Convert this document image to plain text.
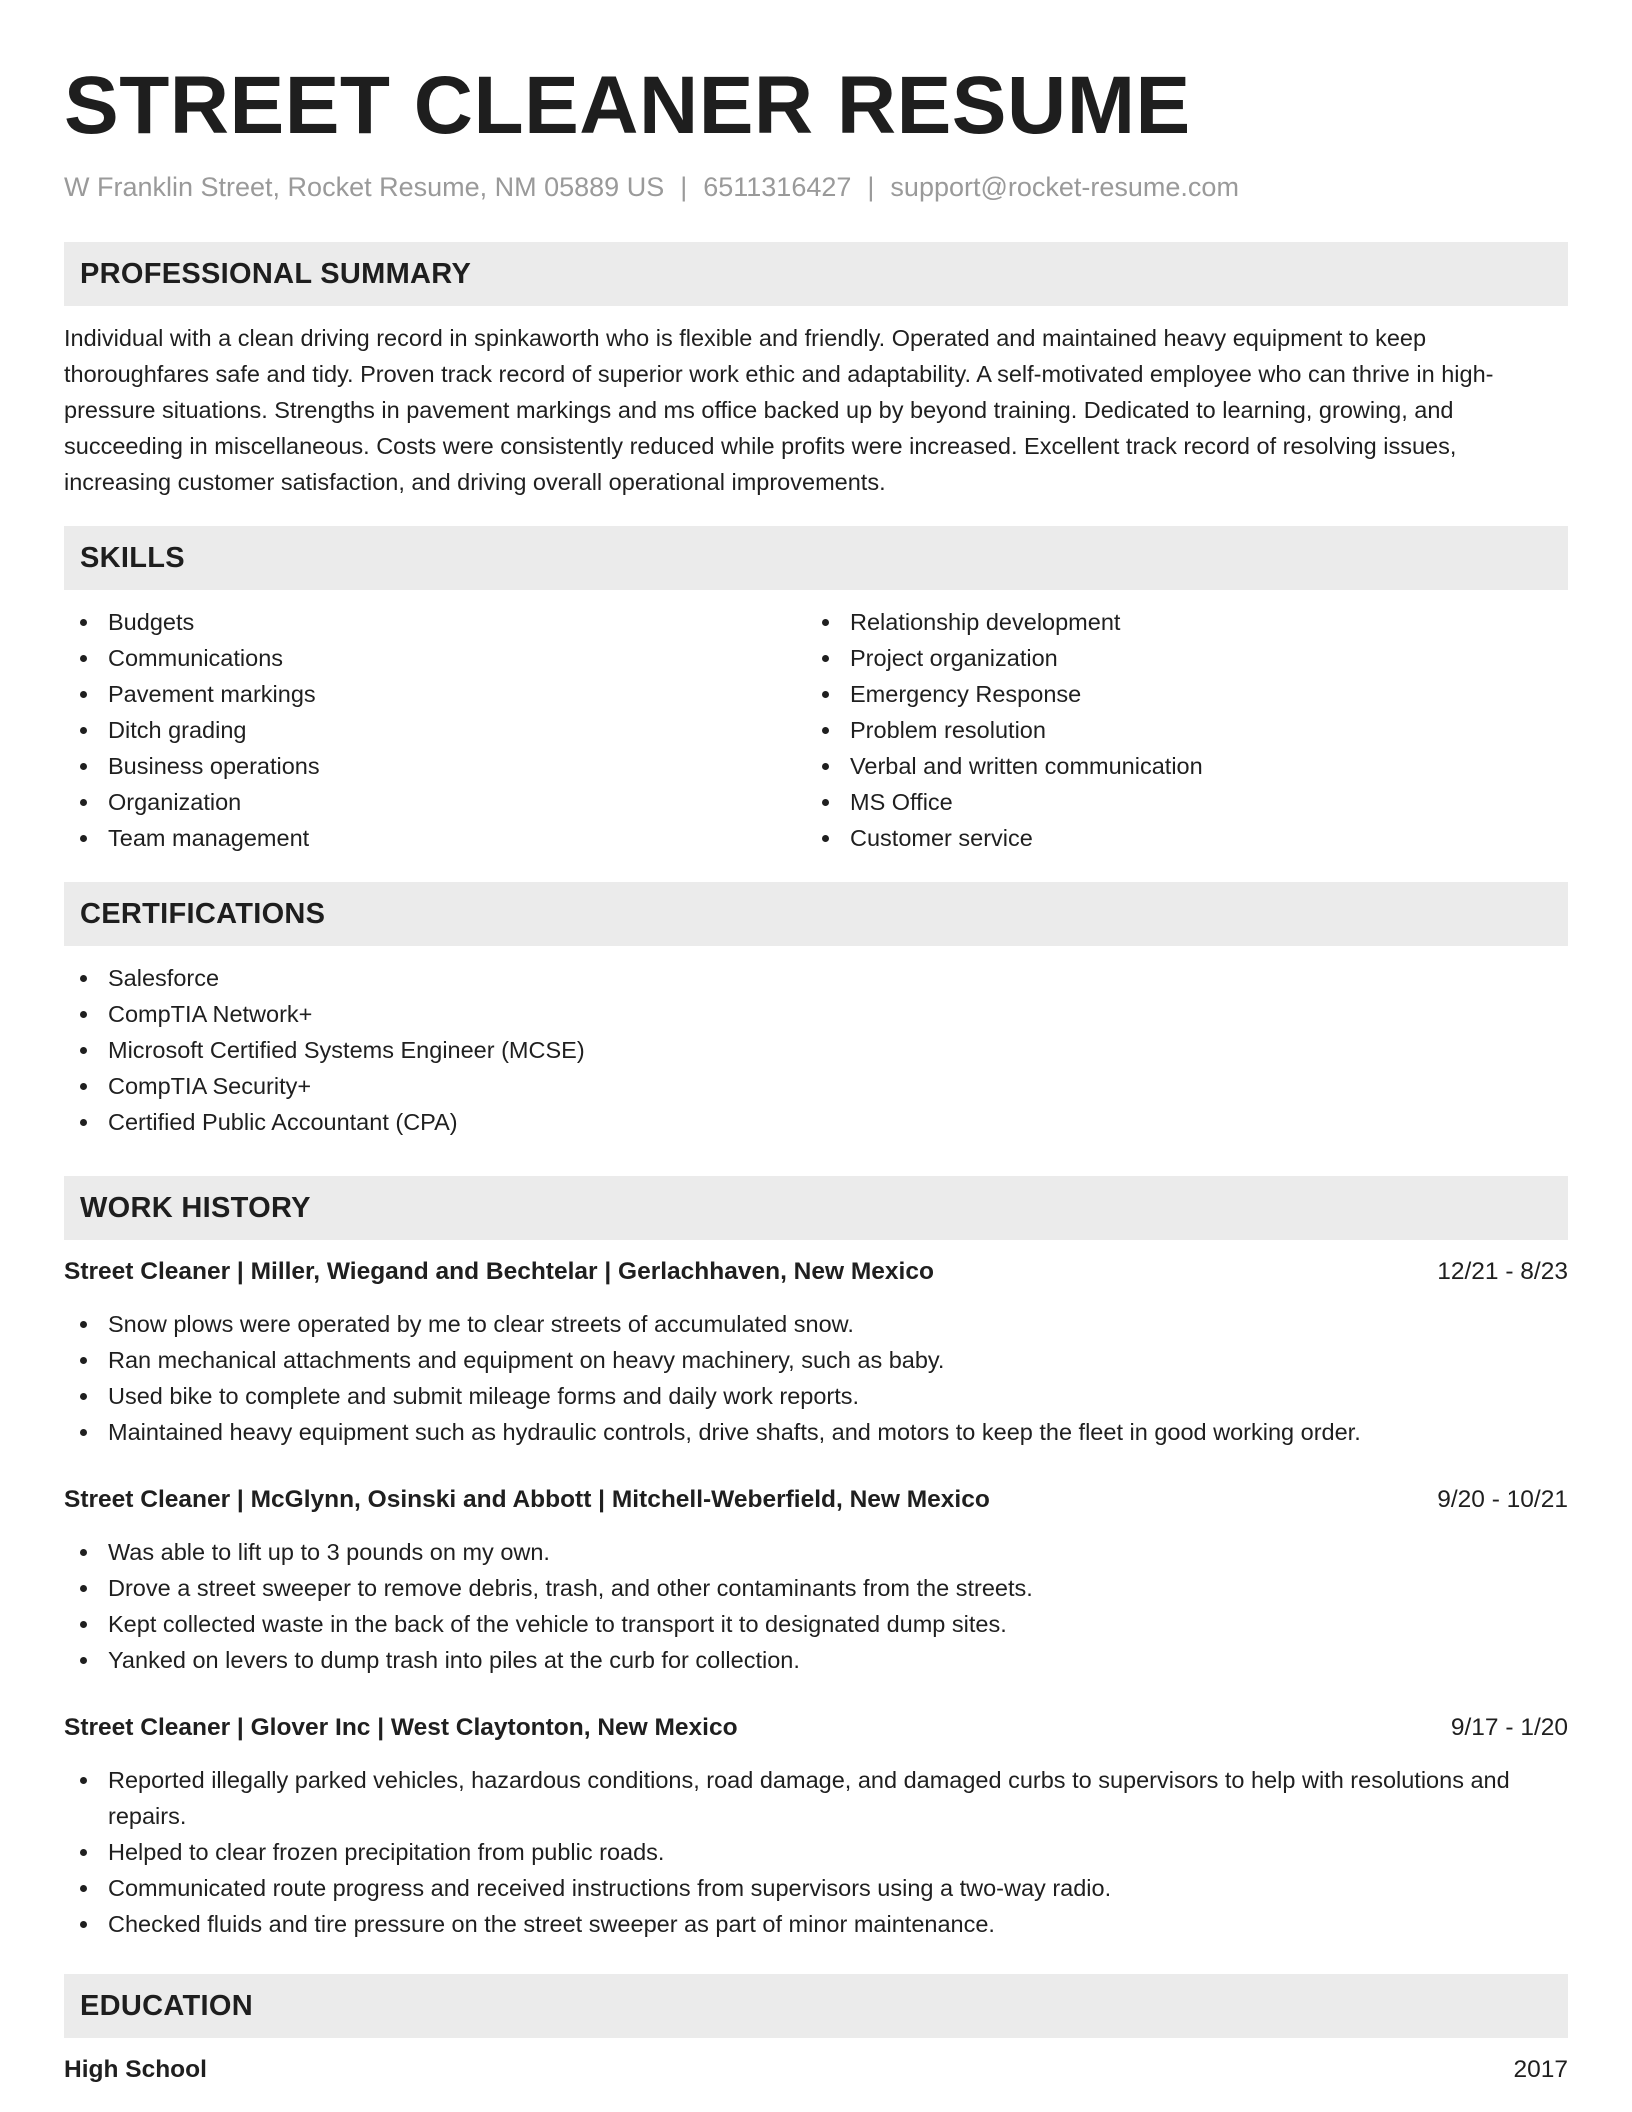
STREET CLEANER RESUME
W Franklin Street, Rocket Resume, NM 05889 US | 6511316427 | support@rocket-resume.com
PROFESSIONAL SUMMARY

Individual with a clean driving record in spinkaworth who is flexible and friendly. Operated and maintained heavy equipment to keep thoroughfares safe and tidy. Proven track record of superior work ethic and adaptability. A self-motivated employee who can thrive in high-pressure situations. Strengths in pavement markings and ms office backed up by beyond training. Dedicated to learning, growing, and succeeding in miscellaneous. Costs were consistently reduced while profits were increased. Excellent track record of resolving issues, increasing customer satisfaction, and driving overall operational improvements.

SKILLS
Budgets
Communications
Pavement markings
Ditch grading
Business operations
Organization
Team management
Relationship development
Project organization
Emergency Response
Problem resolution
Verbal and written communication
MS Office
Customer service
CERTIFICATIONS
Salesforce
CompTIA Network+
Microsoft Certified Systems Engineer (MCSE)
CompTIA Security+
Certified Public Accountant (CPA)
WORK HISTORY
Street Cleaner | Miller, Wiegand and Bechtelar | Gerlachhaven, New Mexico	12/21 - 8/23
Snow plows were operated by me to clear streets of accumulated snow.
Ran mechanical attachments and equipment on heavy machinery, such as baby.
Used bike to complete and submit mileage forms and daily work reports.
Maintained heavy equipment such as hydraulic controls, drive shafts, and motors to keep the fleet in good working order.
Street Cleaner | McGlynn, Osinski and Abbott | Mitchell-Weberfield, New Mexico	9/20 - 10/21
Was able to lift up to 3 pounds on my own.
Drove a street sweeper to remove debris, trash, and other contaminants from the streets.
Kept collected waste in the back of the vehicle to transport it to designated dump sites.
Yanked on levers to dump trash into piles at the curb for collection.
Street Cleaner | Glover Inc | West Claytonton, New Mexico	9/17 - 1/20
Reported illegally parked vehicles, hazardous conditions, road damage, and damaged curbs to supervisors to help with resolutions and repairs.
Helped to clear frozen precipitation from public roads.
Communicated route progress and received instructions from supervisors using a two-way radio.
Checked fluids and tire pressure on the street sweeper as part of minor maintenance.
EDUCATION
High School	2017
